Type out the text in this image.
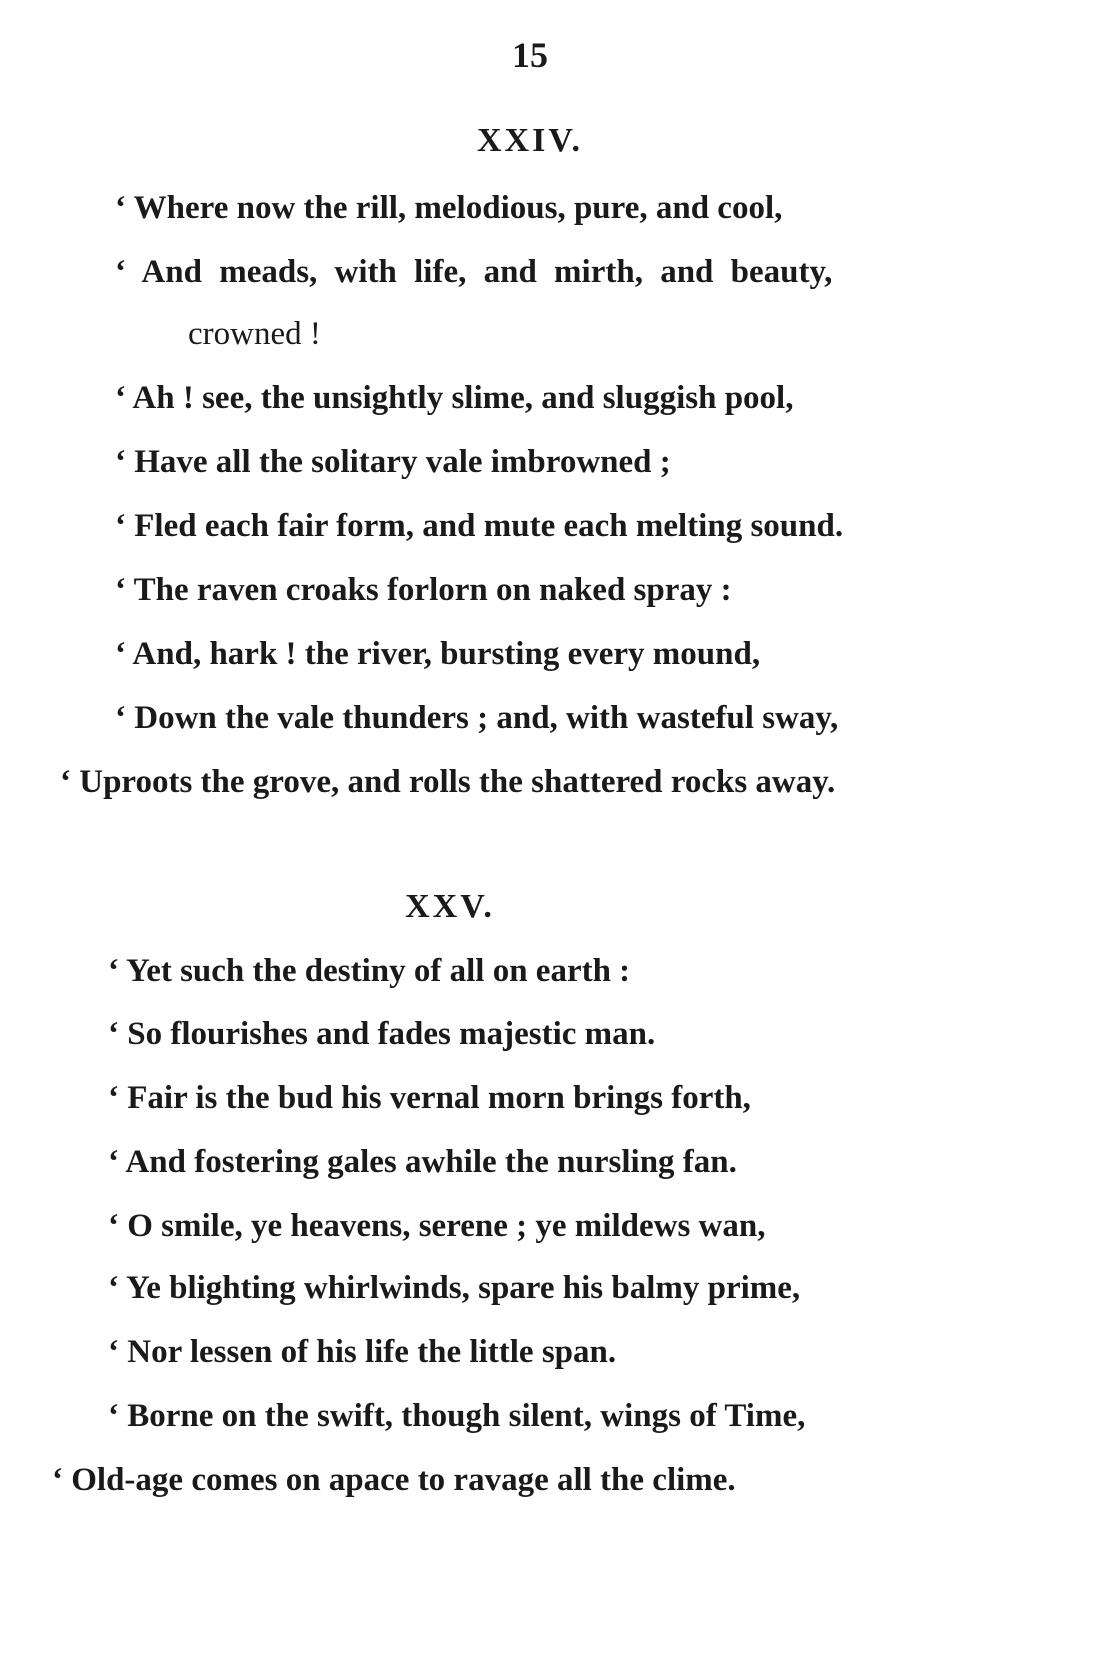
15
XXIV.
‘ Where now the rill, melodious, pure, and cool,
‘ And meads, with life, and mirth, and beauty,
crowned !
‘ Ah ! see, the unsightly slime, and sluggish pool,
‘ Have all the solitary vale imbrowned ;
‘ Fled each fair form, and mute each melting sound.
‘ The raven croaks forlorn on naked spray :
‘ And, hark ! the river, bursting every mound,
‘ Down the vale thunders ; and, with wasteful sway,
‘ Uproots the grove, and rolls the shattered rocks away.
XXV.
‘ Yet such the destiny of all on earth :
‘ So flourishes and fades majestic man.
‘ Fair is the bud his vernal morn brings forth,
‘ And fostering gales awhile the nursling fan.
‘ O smile, ye heavens, serene ; ye mildews wan,
‘ Ye blighting whirlwinds, spare his balmy prime,
‘ Nor lessen of his life the little span.
‘ Borne on the swift, though silent, wings of Time,
‘ Old-age comes on apace to ravage all the clime.
